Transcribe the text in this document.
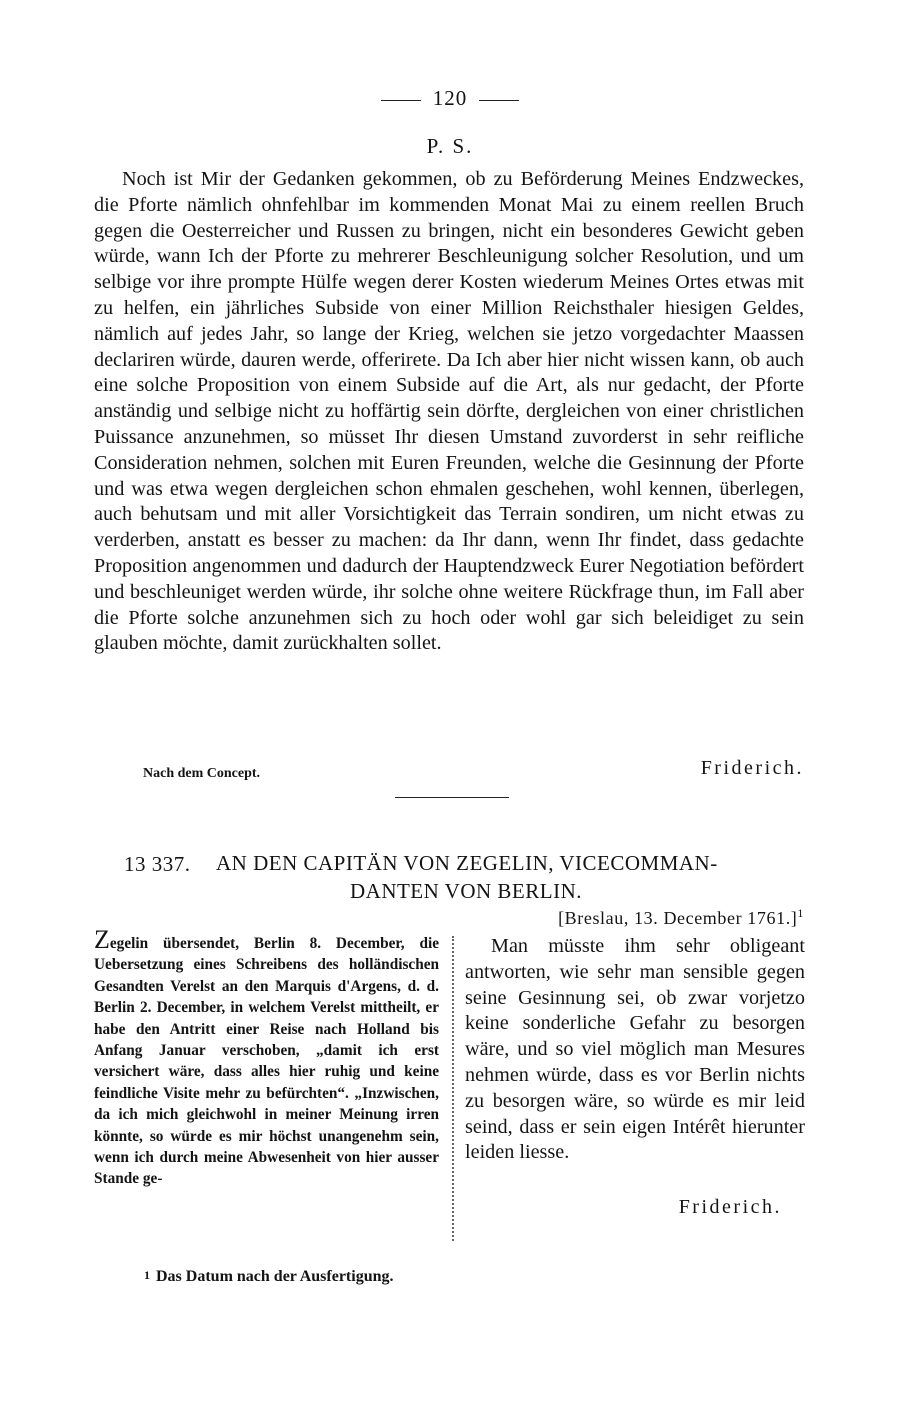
120
P. S.

Noch ist Mir der Gedanken gekommen, ob zu Beförderung Meines Endzweckes, die Pforte nämlich ohnfehlbar im kommenden Monat Mai zu einem reellen Bruch gegen die Oesterreicher und Russen zu bringen, nicht ein besonderes Gewicht geben würde, wann Ich der Pforte zu mehrerer Beschleunigung solcher Resolution, und um selbige vor ihre prompte Hülfe wegen derer Kosten wiederum Meines Ortes etwas mit zu helfen, ein jährliches Subside von einer Million Reichsthaler hiesigen Geldes, nämlich auf jedes Jahr, so lange der Krieg, welchen sie jetzo vorgedachter Maassen declariren würde, dauren werde, offerirete. Da Ich aber hier nicht wissen kann, ob auch eine solche Proposition von einem Subside auf die Art, als nur gedacht, der Pforte anständig und selbige nicht zu hoffärtig sein dörfte, dergleichen von einer christlichen Puissance anzunehmen, so müsset Ihr diesen Umstand zuvorderst in sehr reifliche Consideration nehmen, solchen mit Euren Freunden, welche die Gesinnung der Pforte und was etwa wegen dergleichen schon ehmalen geschehen, wohl kennen, überlegen, auch behutsam und mit aller Vorsichtigkeit das Terrain sondiren, um nicht etwas zu verderben, anstatt es besser zu machen: da Ihr dann, wenn Ihr findet, dass gedachte Proposition angenommen und dadurch der Hauptendzweck Eurer Negotiation befördert und beschleuniget werden würde, ihr solche ohne weitere Rückfrage thun, im Fall aber die Pforte solche anzunehmen sich zu hoch oder wohl gar sich beleidiget zu sein glauben möchte, damit zurückhalten sollet.

Nach dem Concept.	Friderich.
13 337. AN DEN CAPITÄN VON ZEGELIN, VICECOMMAN-
DANTEN VON BERLIN.
[Breslau, 13. December 1761.]$^1$
Zegelin übersendet, Berlin 8. December, die Uebersetzung eines Schreibens des holländischen Gesandten Verelst an den Marquis d'Argens, d. d. Berlin 2. December, in welchem Verelst mittheilt, er habe den Antritt einer Reise nach Holland bis Anfang Januar verschoben, „damit ich erst versichert wäre, dass alles hier ruhig und keine feindliche Visite mehr zu befürchten“. „Inzwischen, da ich mich gleichwohl in meiner Meinung irren könnte, so würde es mir höchst unangenehm sein, wenn ich durch meine Abwesenheit von hier ausser Stande ge-

Man müsste ihm sehr obligeant antworten, wie sehr man sensible gegen seine Gesinnung sei, ob zwar vorjetzo keine sonderliche Gefahr zu besorgen wäre, und so viel möglich man Mesures nehmen würde, dass es vor Berlin nichts zu besorgen wäre, so würde es mir leid seind, dass er sein eigen Intérêt hierunter leiden liesse.

Friderich.
1 Das Datum nach der Ausfertigung.
